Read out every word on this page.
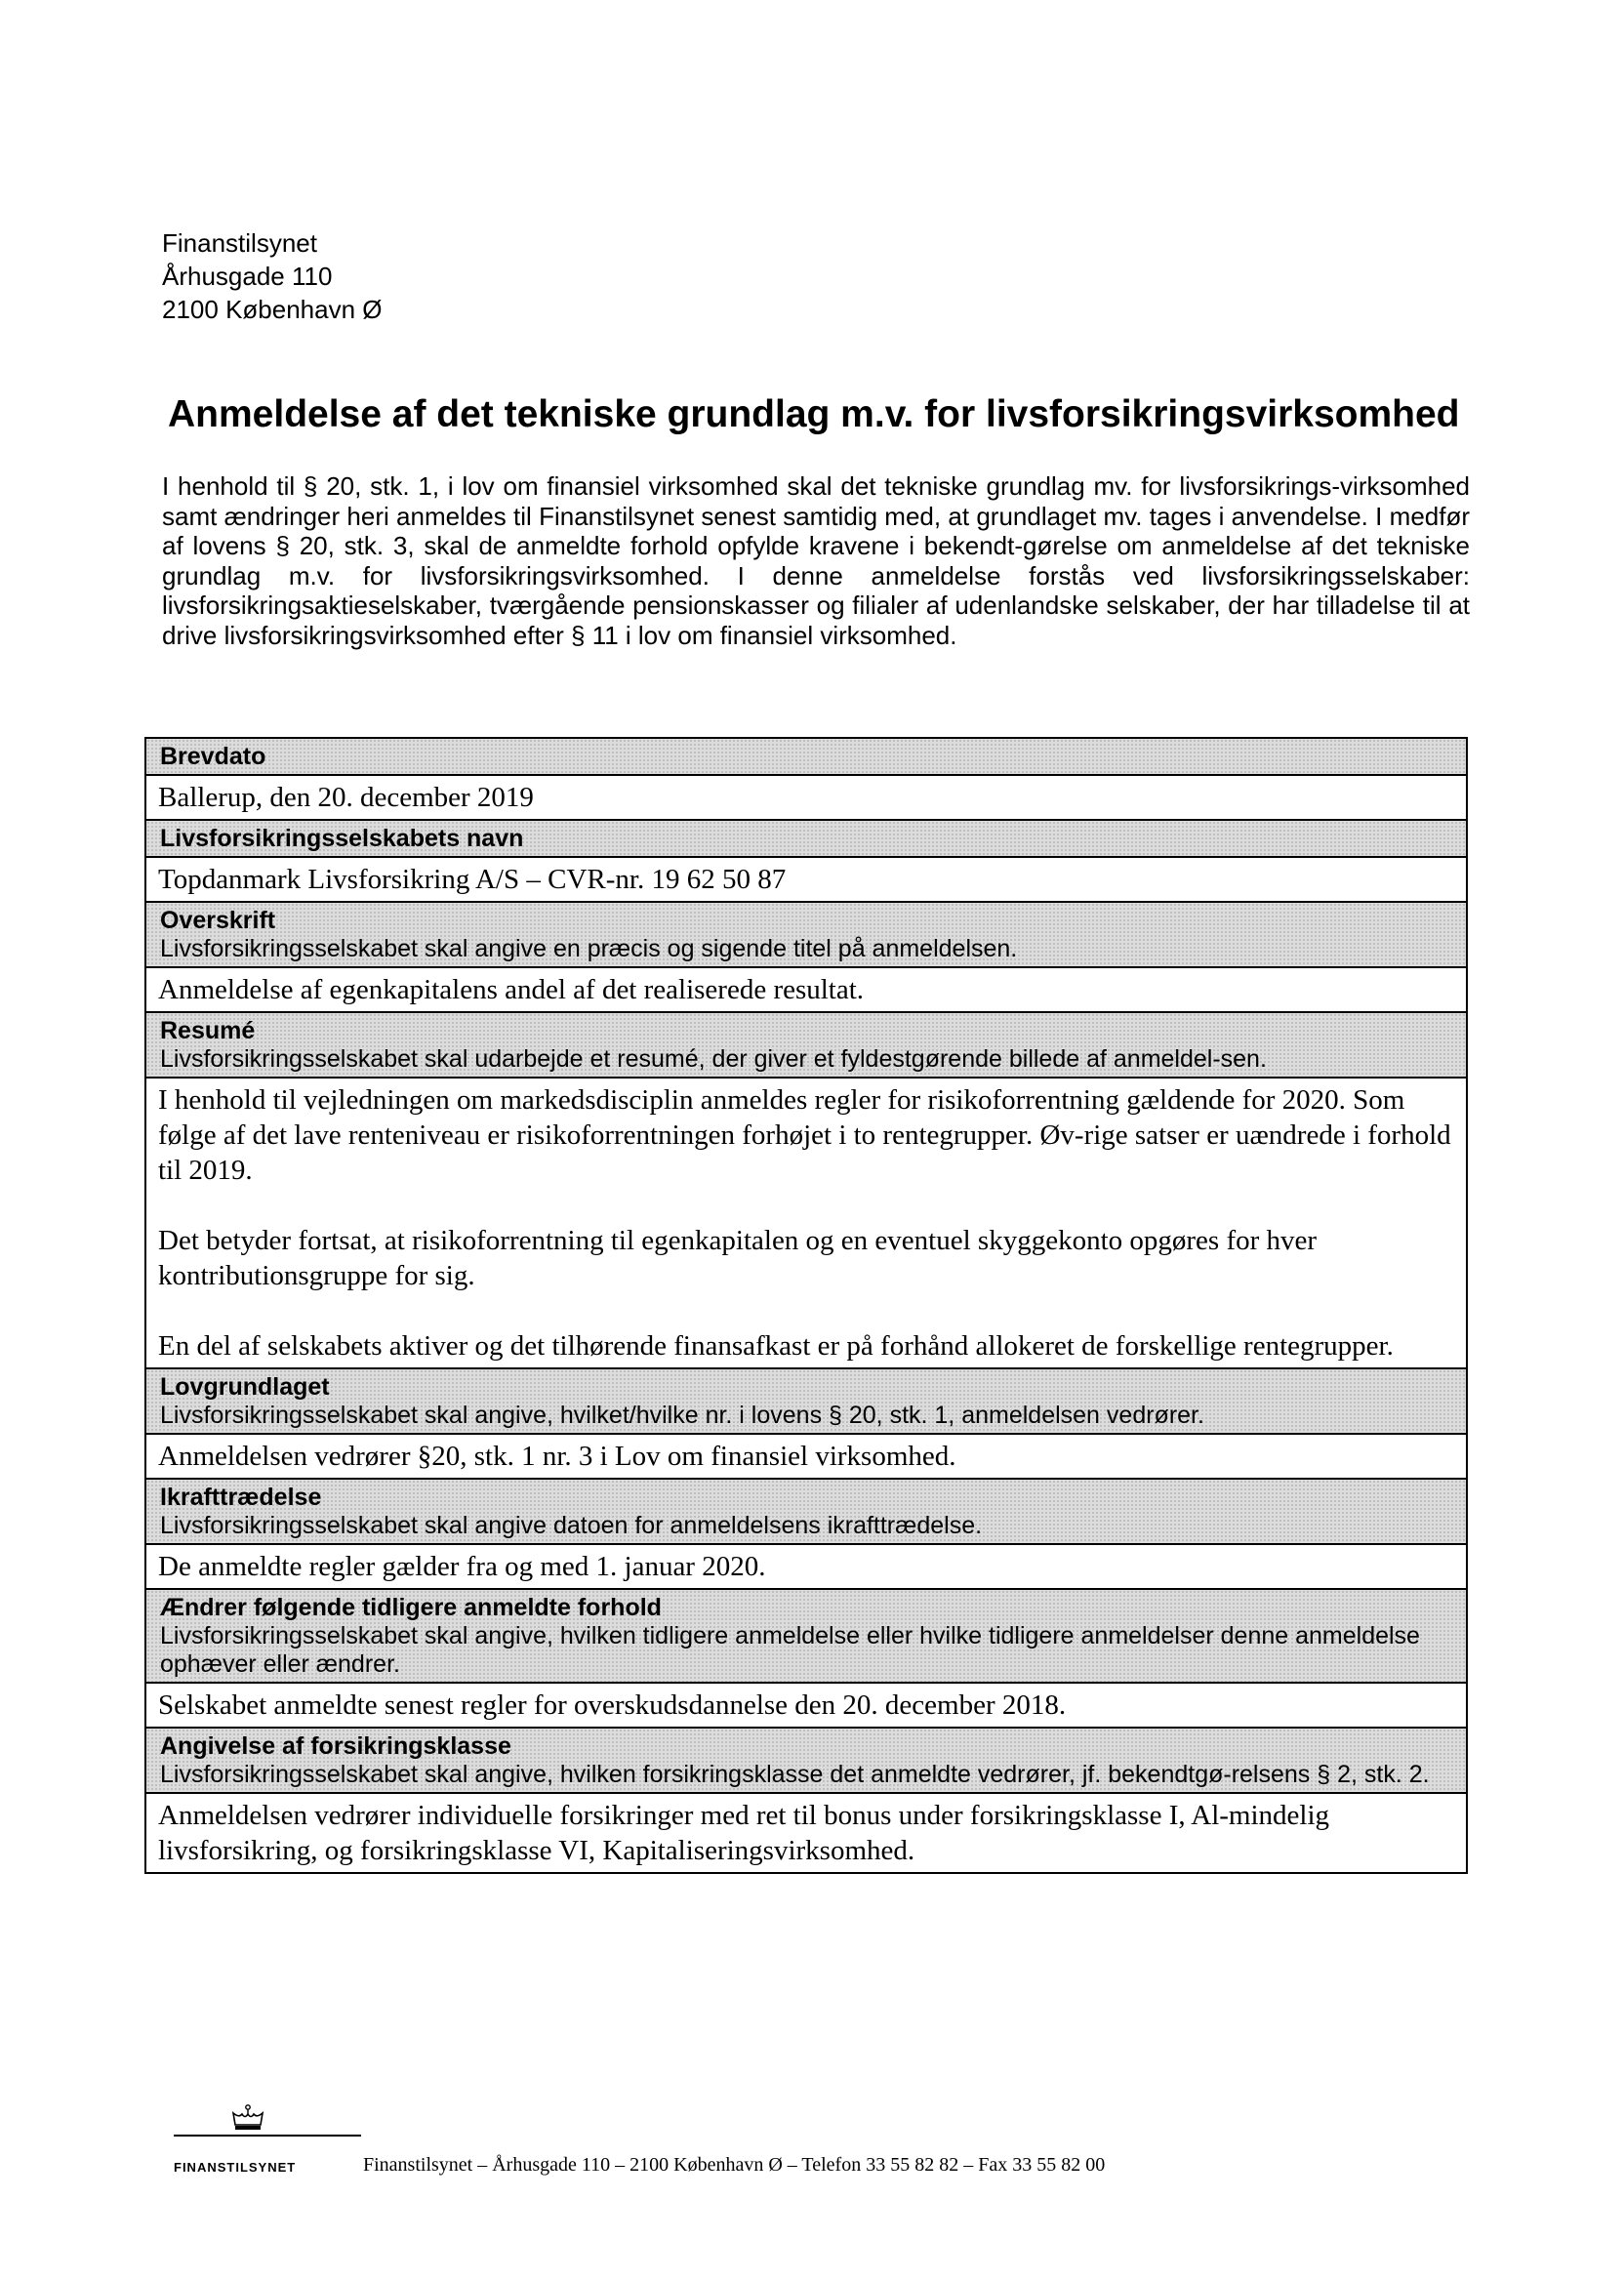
Finanstilsynet
Århusgade 110
2100 København Ø
Anmeldelse af det tekniske grundlag m.v. for livsforsikringsvirksomhed

I henhold til § 20, stk. 1, i lov om finansiel virksomhed skal det tekniske grundlag mv. for livsforsikrings-virksomhed samt ændringer heri anmeldes til Finanstilsynet senest samtidig med, at grundlaget mv. tages i anvendelse. I medfør af lovens § 20, stk. 3, skal de anmeldte forhold opfylde kravene i bekendt-gørelse om anmeldelse af det tekniske grundlag m.v. for livsforsikringsvirksomhed. I denne anmeldelse forstås ved livsforsikringsselskaber: livsforsikringsaktieselskaber, tværgående pensionskasser og filialer af udenlandske selskaber, der har tilladelse til at drive livsforsikringsvirksomhed efter § 11 i lov om finansiel virksomhed.

Brevdato
Ballerup, den 20. december 2019
Livsforsikringsselskabets navn
Topdanmark Livsforsikring A/S – CVR-nr. 19 62 50 87
Overskrift
Livsforsikringsselskabet skal angive en præcis og sigende titel på anmeldelsen.
Anmeldelse af egenkapitalens andel af det realiserede resultat.
Resumé
Livsforsikringsselskabet skal udarbejde et resumé, der giver et fyldestgørende billede af anmeldel-sen.

I henhold til vejledningen om markedsdisciplin anmeldes regler for risikoforrentning gældende for 2020. Som følge af det lave renteniveau er risikoforrentningen forhøjet i to rentegrupper. Øv-rige satser er uændrede i forhold til 2019.

Det betyder fortsat, at risikoforrentning til egenkapitalen og en eventuel skyggekonto opgøres for hver kontributionsgruppe for sig.

En del af selskabets aktiver og det tilhørende finansafkast er på forhånd allokeret de forskellige rentegrupper.

Lovgrundlaget
Livsforsikringsselskabet skal angive, hvilket/hvilke nr. i lovens § 20, stk. 1, anmeldelsen vedrører.
Anmeldelsen vedrører §20, stk. 1 nr. 3 i Lov om finansiel virksomhed.
Ikrafttrædelse
Livsforsikringsselskabet skal angive datoen for anmeldelsens ikrafttrædelse.
De anmeldte regler gælder fra og med 1. januar 2020.
Ændrer følgende tidligere anmeldte forhold
Livsforsikringsselskabet skal angive, hvilken tidligere anmeldelse eller hvilke tidligere anmeldelser denne anmeldelse ophæver eller ændrer.
Selskabet anmeldte senest regler for overskudsdannelse den 20. december 2018.
Angivelse af forsikringsklasse
Livsforsikringsselskabet skal angive, hvilken forsikringsklasse det anmeldte vedrører, jf. bekendtgø-relsens § 2, stk. 2.
Anmeldelsen vedrører individuelle forsikringer med ret til bonus under forsikringsklasse I, Al-mindelig livsforsikring, og forsikringsklasse VI, Kapitaliseringsvirksomhed.
FINANSTILSYNET	Finanstilsynet – Århusgade 110 – 2100 København Ø – Telefon 33 55 82 82 – Fax 33 55 82 00
